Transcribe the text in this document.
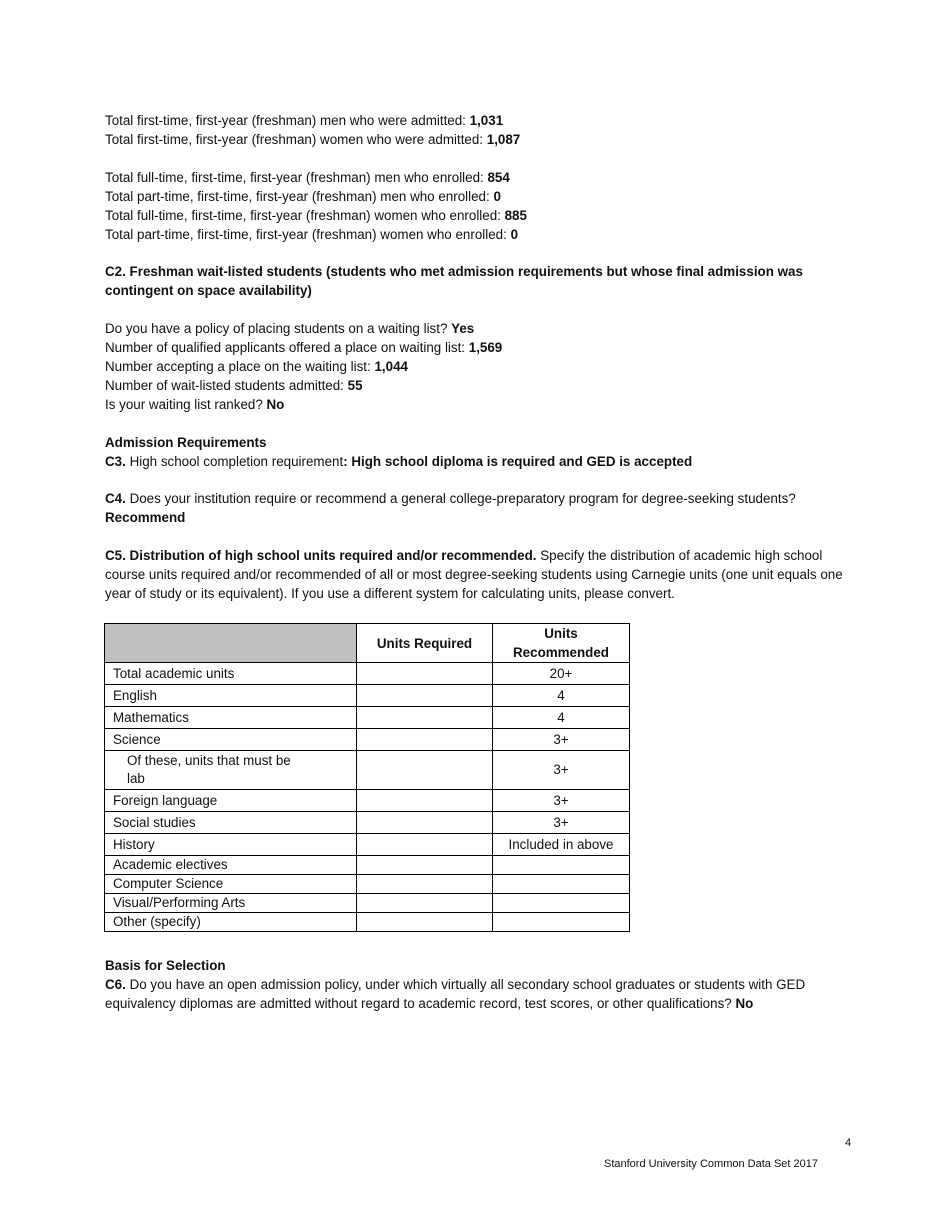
Total first-time, first-year (freshman) men who were admitted: 1,031
Total first-time, first-year (freshman) women who were admitted: 1,087
Total full-time, first-time, first-year (freshman) men who enrolled: 854
Total part-time, first-time, first-year (freshman) men who enrolled: 0
Total full-time, first-time, first-year (freshman) women who enrolled: 885
Total part-time, first-time, first-year (freshman) women who enrolled: 0
C2. Freshman wait-listed students (students who met admission requirements but whose final admission was contingent on space availability)
Do you have a policy of placing students on a waiting list? Yes
Number of qualified applicants offered a place on waiting list: 1,569
Number accepting a place on the waiting list: 1,044
Number of wait-listed students admitted: 55
Is your waiting list ranked? No
Admission Requirements
C3. High school completion requirement: High school diploma is required and GED is accepted
C4. Does your institution require or recommend a general college-preparatory program for degree-seeking students?
Recommend
C5. Distribution of high school units required and/or recommended. Specify the distribution of academic high school course units required and/or recommended of all or most degree-seeking students using Carnegie units (one unit equals one year of study or its equivalent). If you use a different system for calculating units, please convert.
	Units Required	Units Recommended
Total academic units		20+
English		4
Mathematics		4
Science		3+

Of these, units that must be lab		3+
Foreign language		3+
Social studies		3+
History		Included in above
Academic electives		
Computer Science		
Visual/Performing Arts		
Other (specify)		
Basis for Selection
C6. Do you have an open admission policy, under which virtually all secondary school graduates or students with GED equivalency diplomas are admitted without regard to academic record, test scores, or other qualifications? No
4
Stanford University Common Data Set 2017
